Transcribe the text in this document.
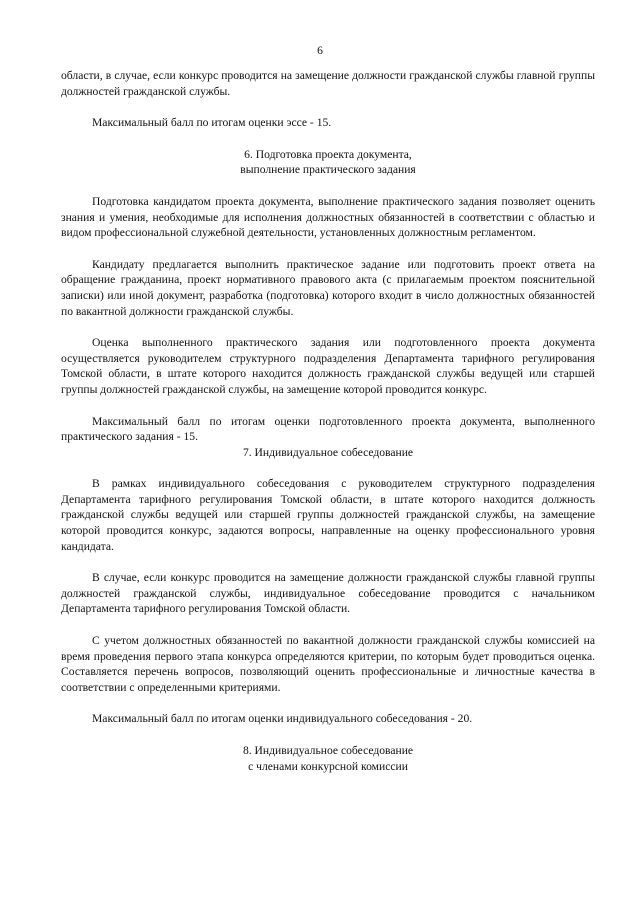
6

области, в случае, если конкурс проводится на замещение должности гражданской службы главной группы должностей гражданской службы.

Максимальный балл по итогам оценки эссе - 15.

6. Подготовка проекта документа,

выполнение практического задания

Подготовка кандидатом проекта документа, выполнение практического задания позволяет оценить знания и умения, необходимые для исполнения должностных обязанностей в соответствии с областью и видом профессиональной служебной деятельности, установленных должностным регламентом.

Кандидату предлагается выполнить практическое задание или подготовить проект ответа на обращение гражданина, проект нормативного правового акта (с прилагаемым проектом пояснительной записки) или иной документ, разработка (подготовка) которого входит в число должностных обязанностей по вакантной должности гражданской службы.

Оценка выполненного практического задания или подготовленного проекта документа осуществляется руководителем структурного подразделения Департамента тарифного регулирования Томской области, в штате которого находится должность гражданской службы ведущей или старшей группы должностей гражданской службы, на замещение которой проводится конкурс.

Максимальный балл по итогам оценки подготовленного проекта документа, выполненного практического задания - 15.

7. Индивидуальное собеседование

В рамках индивидуального собеседования с руководителем структурного подразделения Департамента тарифного регулирования Томской области, в штате которого находится должность гражданской службы ведущей или старшей группы должностей гражданской службы, на замещение которой проводится конкурс, задаются вопросы, направленные на оценку профессионального уровня кандидата.

В случае, если конкурс проводится на замещение должности гражданской службы главной группы должностей гражданской службы, индивидуальное собеседование проводится с начальником Департамента тарифного регулирования Томской области.

С учетом должностных обязанностей по вакантной должности гражданской службы комиссией на время проведения первого этапа конкурса определяются критерии, по которым будет проводиться оценка. Составляется перечень вопросов, позволяющий оценить профессиональные и личностные качества в соответствии с определенными критериями.

Максимальный балл по итогам оценки индивидуального собеседования - 20.

8. Индивидуальное собеседование

с членами конкурсной комиссии
